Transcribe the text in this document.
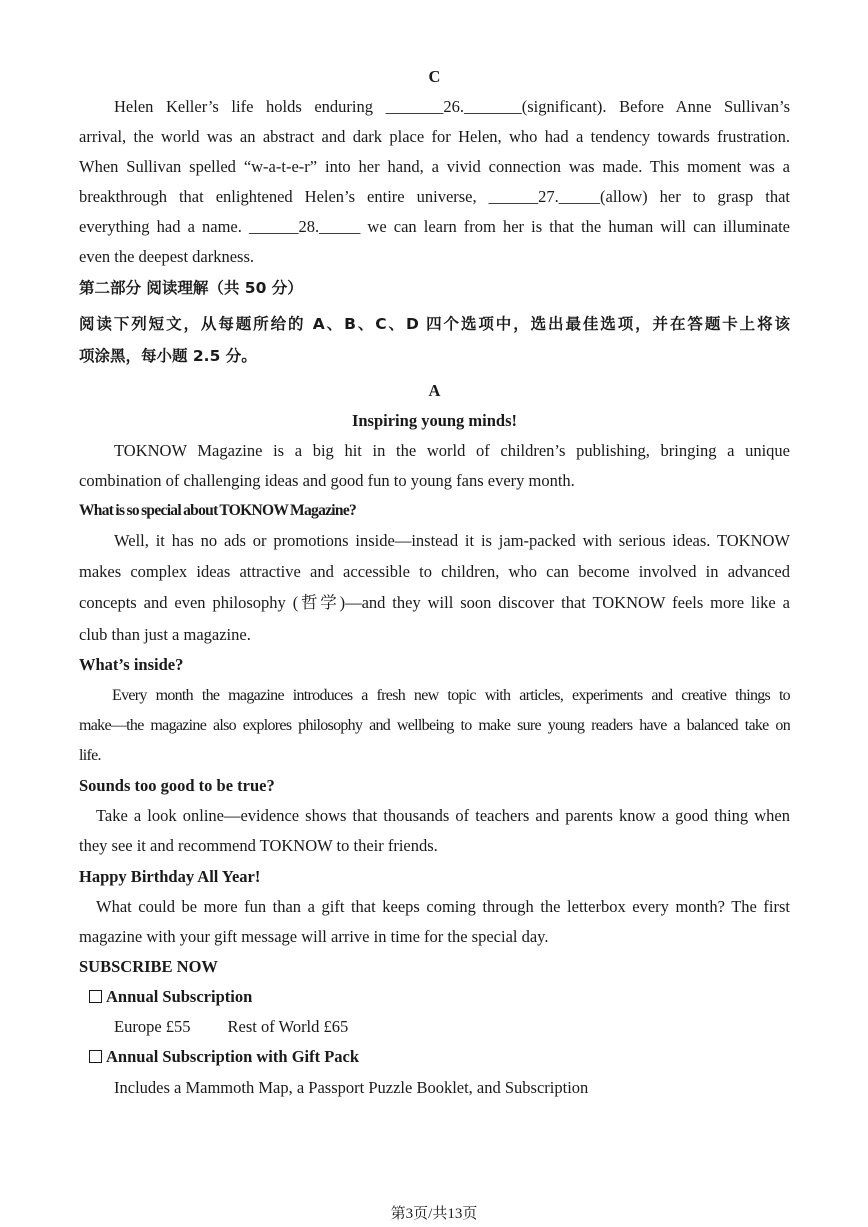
C
Helen Keller’s life holds enduring _______26._______(significant). Before Anne Sullivan’s
arrival, the world was an abstract and dark place for Helen, who had a tendency towards frustration.
When Sullivan spelled “w-a-t-e-r” into her hand, a vivid connection was made. This moment was a
breakthrough that enlightened Helen’s entire universe, ______27._____(allow) her to grasp that
everything had a name. ______28._____ we can learn from her is that the human will can illuminate
even the deepest darkness.
第二部分 阅读理解（共 50 分）
阅读下列短文，从每题所给的 A、B、C、D 四个选项中，选出最佳选项，并在答题卡上将该
项涂黑，每小题 2.5 分。
A
Inspiring young minds!
TOKNOW Magazine is a big hit in the world of children’s publishing, bringing a unique
combination of challenging ideas and good fun to young fans every month.
What is so special about TOKNOW Magazine?
Well, it has no ads or promotions inside—instead it is jam-packed with serious ideas. TOKNOW
makes complex ideas attractive and accessible to children, who can become involved in advanced
concepts and even philosophy (哲学)—and they will soon discover that TOKNOW feels more like a
club than just a magazine.
What’s inside?
Every month the magazine introduces a fresh new topic with articles, experiments and creative things to
make—the magazine also explores philosophy and wellbeing to make sure young readers have a balanced take on
life.
Sounds too good to be true?
Take a look online—evidence shows that thousands of teachers and parents know a good thing when
they see it and recommend TOKNOW to their friends.
Happy Birthday All Year!
What could be more fun than a gift that keeps coming through the letterbox every month? The first
magazine with your gift message will arrive in time for the special day.
SUBSCRIBE NOW
Annual Subscription
Europe £55 Rest of World £65
Annual Subscription with Gift Pack
Includes a Mammoth Map, a Passport Puzzle Booklet, and Subscription
第3页/共13页
